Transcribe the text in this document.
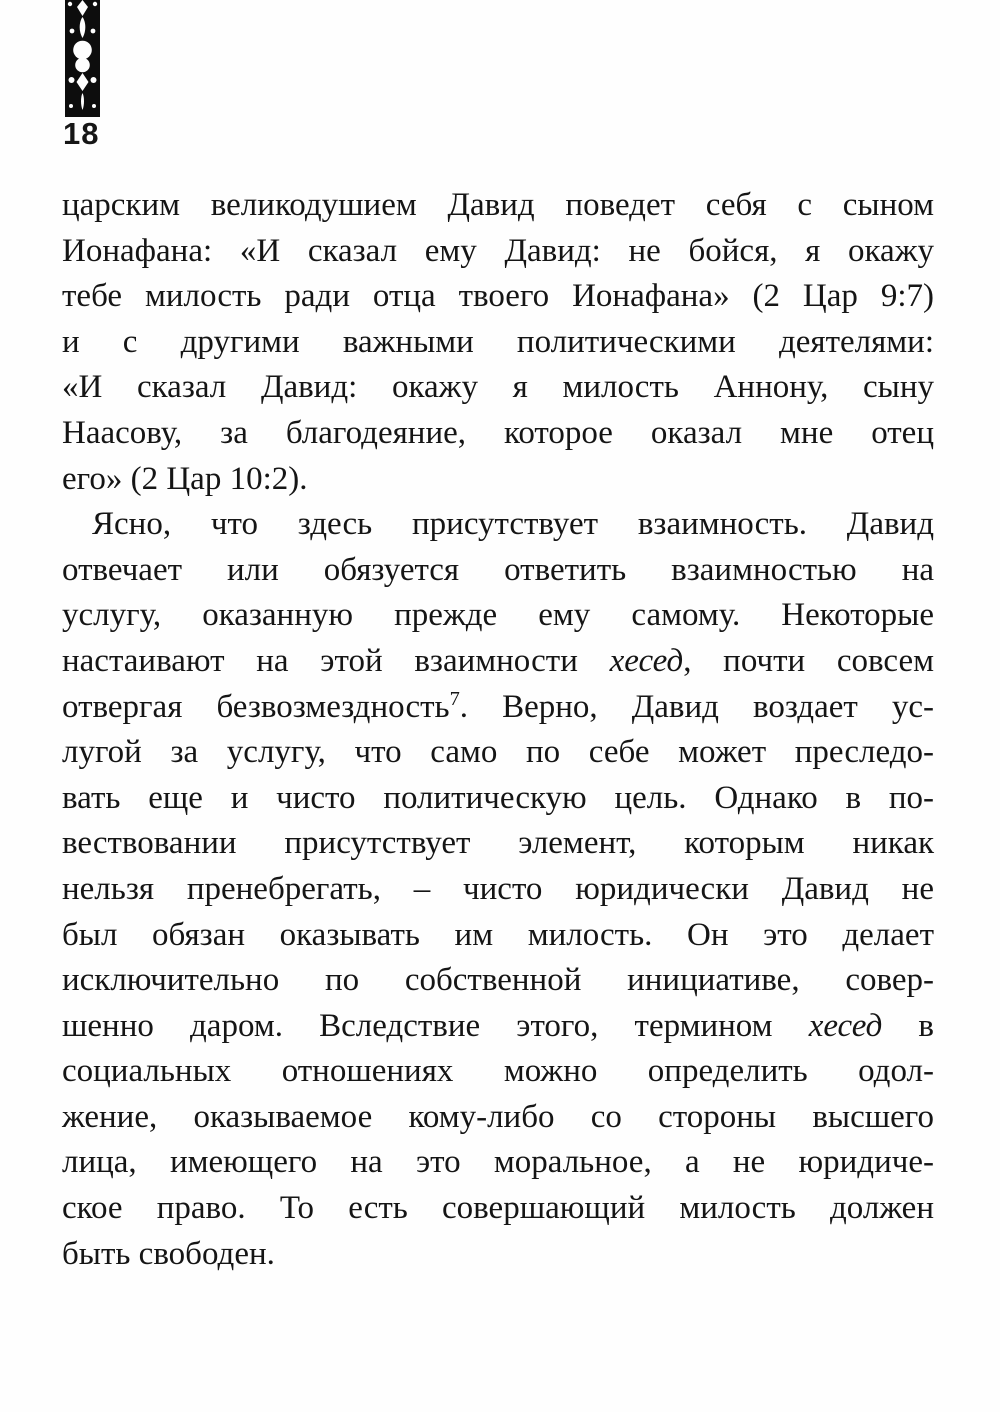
18
царским великодушием Давид поведет себя с сыном
Ионафана: «И сказал ему Давид: не бойся, я окажу
тебе милость ради отца твоего Ионафана» (2 Цар 9:7)
и с другими важными политическими деятелями:
«И сказал Давид: окажу я милость Аннону, сыну
Наасову, за благодеяние, которое оказал мне отец
его» (2 Цар 10:2).
Ясно, что здесь присутствует взаимность. Давид
отвечает или обязуется ответить взаимностью на
услугу, оказанную прежде ему самому. Некоторые
настаивают на этой взаимности хесед, почти совсем
отвергая безвозмездность$^7$. Верно, Давид воздает ус-
лугой за услугу, что само по себе может преследо-
вать еще и чисто политическую цель. Однако в по-
вествовании присутствует элемент, которым никак
нельзя пренебрегать, – чисто юридически Давид не
был обязан оказывать им милость. Он это делает
исключительно по собственной инициативе, совер-
шенно даром. Вследствие этого, термином хесед в
социальных отношениях можно определить одол-
жение, оказываемое кому-либо со стороны высшего
лица, имеющего на это моральное, а не юридиче-
ское право. То есть совершающий милость должен
быть свободен.
